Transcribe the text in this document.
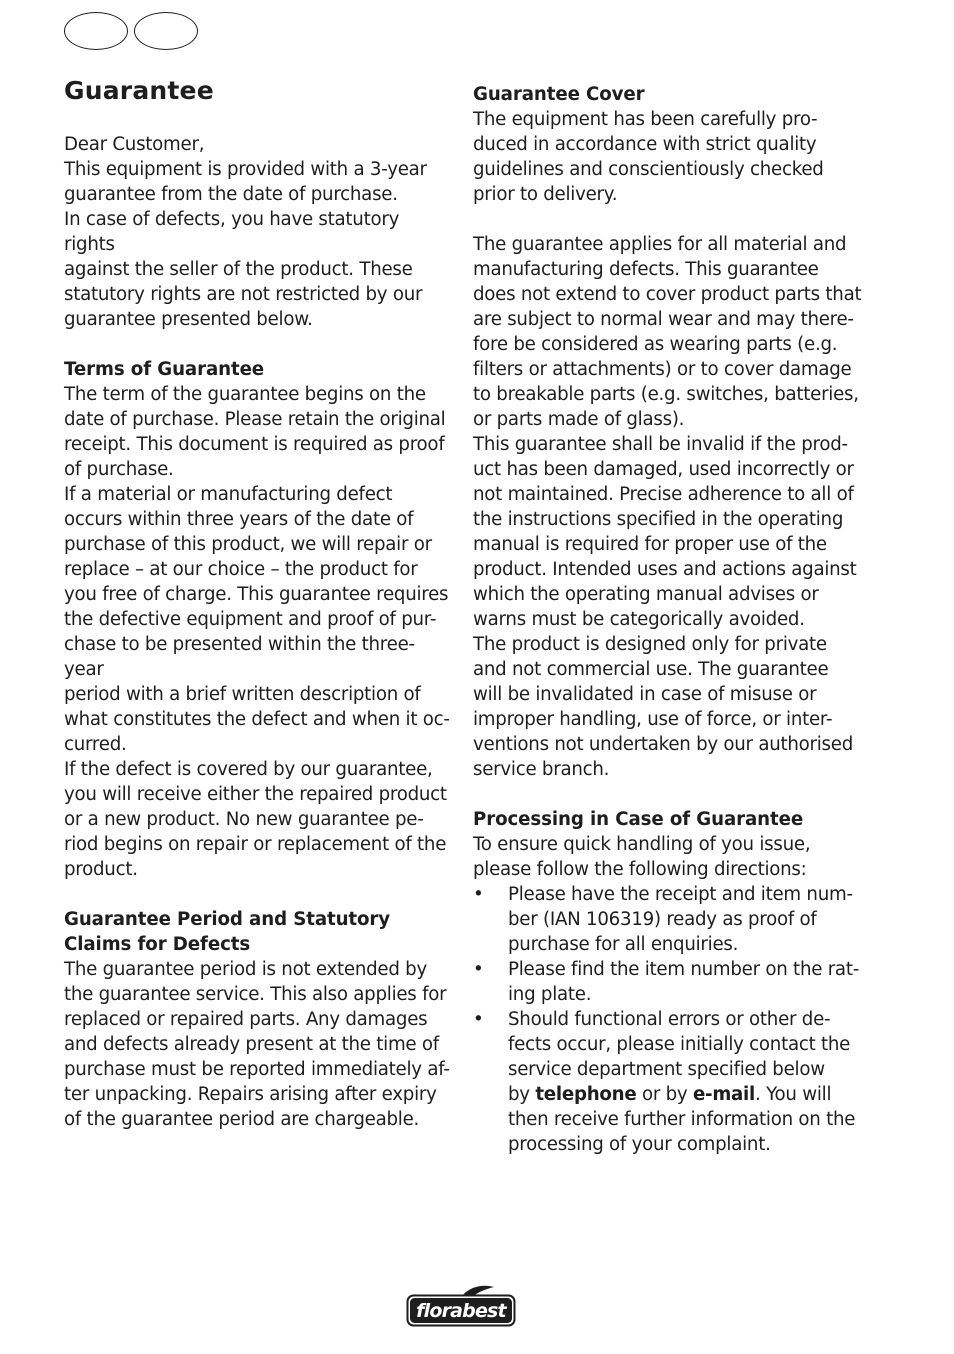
Guarantee

Dear Customer,
This equipment is provided with a 3-year
guarantee from the date of purchase.
In case of defects, you have statutory rights
against the seller of the product. These
statutory rights are not restricted by our
guarantee presented below.

Terms of Guarantee

The term of the guarantee begins on the
date of purchase. Please retain the original
receipt. This document is required as proof
of purchase.
If a material or manufacturing defect
occurs within three years of the date of
purchase of this product, we will repair or
replace – at our choice – the product for
you free of charge. This guarantee requires
the defective equipment and proof of pur-
chase to be presented within the three-year
period with a brief written description of
what constitutes the defect and when it oc-
curred.
If the defect is covered by our guarantee,
you will receive either the repaired product
or a new product. No new guarantee pe-
riod begins on repair or replacement of the
product.

Guarantee Period and Statutory
Claims for Defects

The guarantee period is not extended by
the guarantee service. This also applies for
replaced or repaired parts. Any damages
and defects already present at the time of
purchase must be reported immediately af-
ter unpacking. Repairs arising after expiry
of the guarantee period are chargeable.

Guarantee Cover

The equipment has been carefully pro-
duced in accordance with strict quality
guidelines and conscientiously checked
prior to delivery.

The guarantee applies for all material and
manufacturing defects. This guarantee
does not extend to cover product parts that
are subject to normal wear and may there-
fore be considered as wearing parts (e.g.
filters or attachments) or to cover damage
to breakable parts (e.g. switches, batteries,
or parts made of glass).
This guarantee shall be invalid if the prod-
uct has been damaged, used incorrectly or
not maintained. Precise adherence to all of
the instructions specified in the operating
manual is required for proper use of the
product. Intended uses and actions against
which the operating manual advises or
warns must be categorically avoided.
The product is designed only for private
and not commercial use. The guarantee
will be invalidated in case of misuse or
improper handling, use of force, or inter-
ventions not undertaken by our authorised
service branch.

Processing in Case of Guarantee

To ensure quick handling of you issue,
please follow the following directions:

• Please have the receipt and item num-
ber (IAN 106319) ready as proof of
purchase for all enquiries.
• Please find the item number on the rat-
ing plate.
• Should functional errors or other de-
fects occur, please initially contact the
service department specified below
by telephone or by e-mail. You will
then receive further information on the
processing of your complaint.
florabest
